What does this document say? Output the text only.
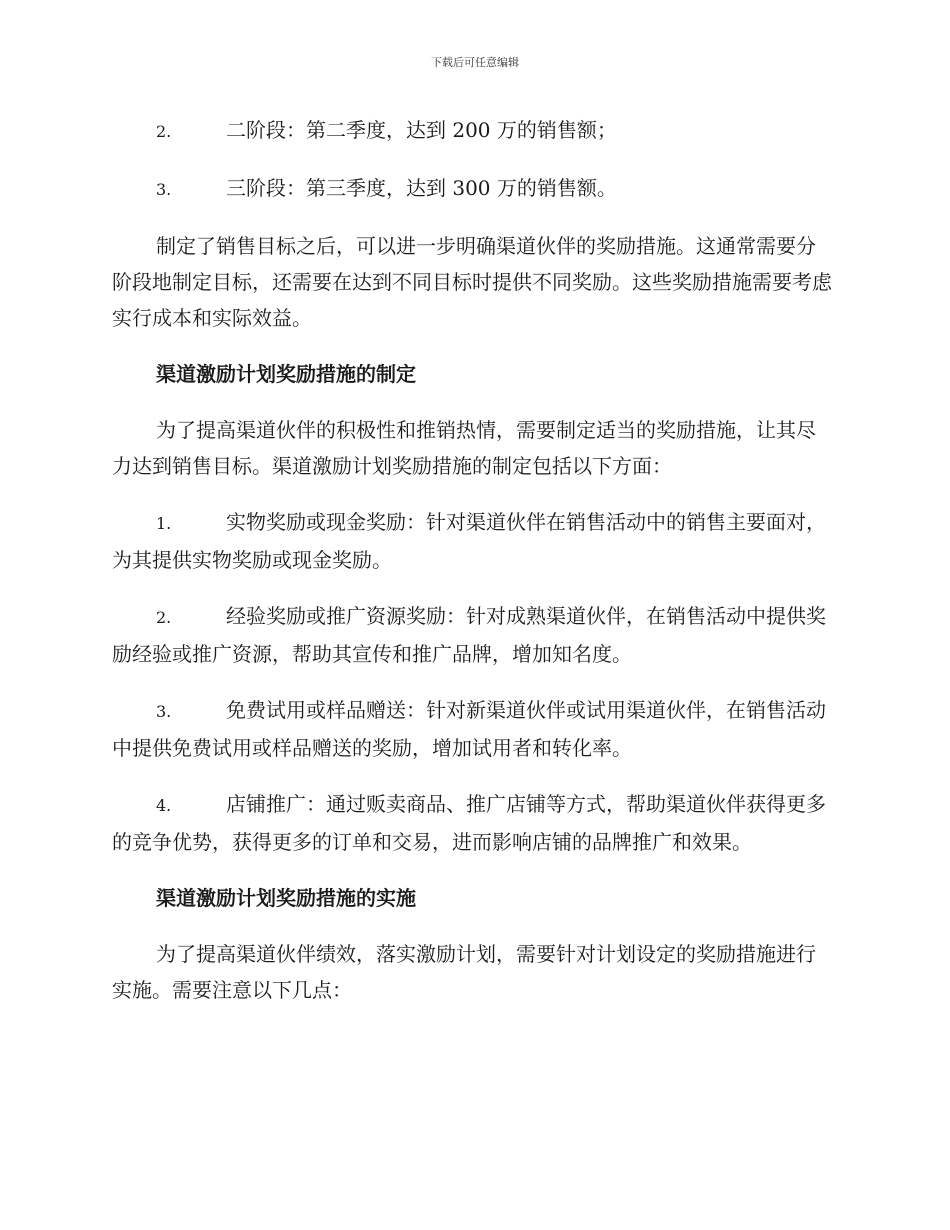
下载后可任意编辑
2.	二阶段：第二季度，达到 200 万的销售额；
3.	三阶段：第三季度，达到 300 万的销售额。

制定了销售目标之后，可以进一步明确渠道伙伴的奖励措施。这通常需要分阶段地制定目标，还需要在达到不同目标时提供不同奖励。这些奖励措施需要考虑实行成本和实际效益。

渠道激励计划奖励措施的制定

为了提高渠道伙伴的积极性和推销热情，需要制定适当的奖励措施，让其尽力达到销售目标。渠道激励计划奖励措施的制定包括以下方面：

1.	实物奖励或现金奖励：针对渠道伙伴在销售活动中的销售主要面对，为其提供实物奖励或现金奖励。
2.	经验奖励或推广资源奖励：针对成熟渠道伙伴，在销售活动中提供奖励经验或推广资源，帮助其宣传和推广品牌，增加知名度。
3.	免费试用或样品赠送：针对新渠道伙伴或试用渠道伙伴，在销售活动中提供免费试用或样品赠送的奖励，增加试用者和转化率。
4.	店铺推广：通过贩卖商品、推广店铺等方式，帮助渠道伙伴获得更多的竞争优势，获得更多的订单和交易，进而影响店铺的品牌推广和效果。
渠道激励计划奖励措施的实施

为了提高渠道伙伴绩效，落实激励计划，需要针对计划设定的奖励措施进行实施。需要注意以下几点：
